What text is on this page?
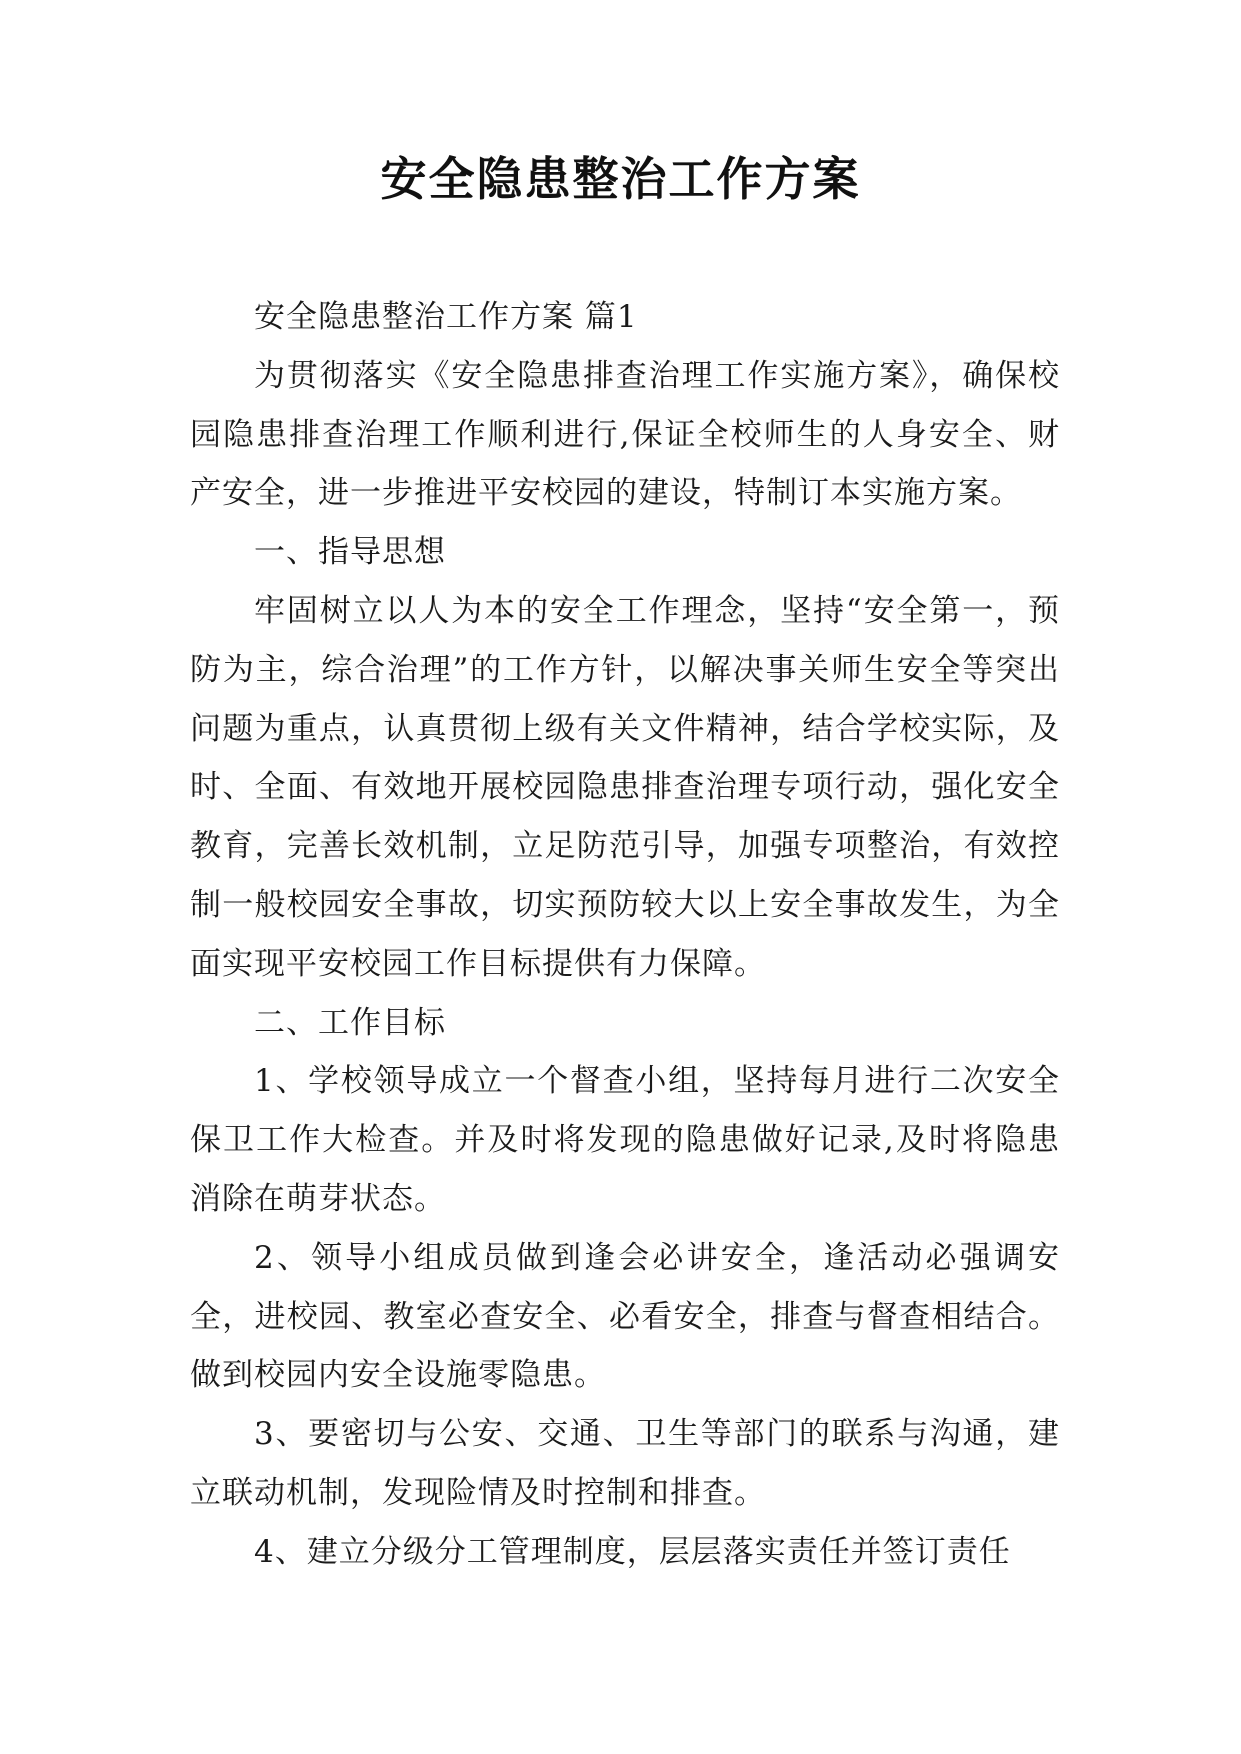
安全隐患整治工作方案

安全隐患整治工作方案 篇1

为贯彻落实《安全隐患排查治理工作实施方案》，确保校园隐患排查治理工作顺利进行,保证全校师生的人身安全、财产安全，进一步推进平安校园的建设，特制订本实施方案。

一、指导思想

牢固树立以人为本的安全工作理念，坚持“安全第一，预防为主，综合治理”的工作方针，以解决事关师生安全等突出问题为重点，认真贯彻上级有关文件精神，结合学校实际，及时、全面、有效地开展校园隐患排查治理专项行动，强化安全教育，完善长效机制，立足防范引导，加强专项整治，有效控制一般校园安全事故，切实预防较大以上安全事故发生，为全面实现平安校园工作目标提供有力保障。

二、工作目标

1、学校领导成立一个督查小组，坚持每月进行二次安全保卫工作大检查。并及时将发现的隐患做好记录,及时将隐患消除在萌芽状态。

2、领导小组成员做到逢会必讲安全，逢活动必强调安全，进校园、教室必查安全、必看安全，排查与督查相结合。做到校园内安全设施零隐患。

3、要密切与公安、交通、卫生等部门的联系与沟通，建立联动机制，发现险情及时控制和排查。

4、建立分级分工管理制度，层层落实责任并签订责任
